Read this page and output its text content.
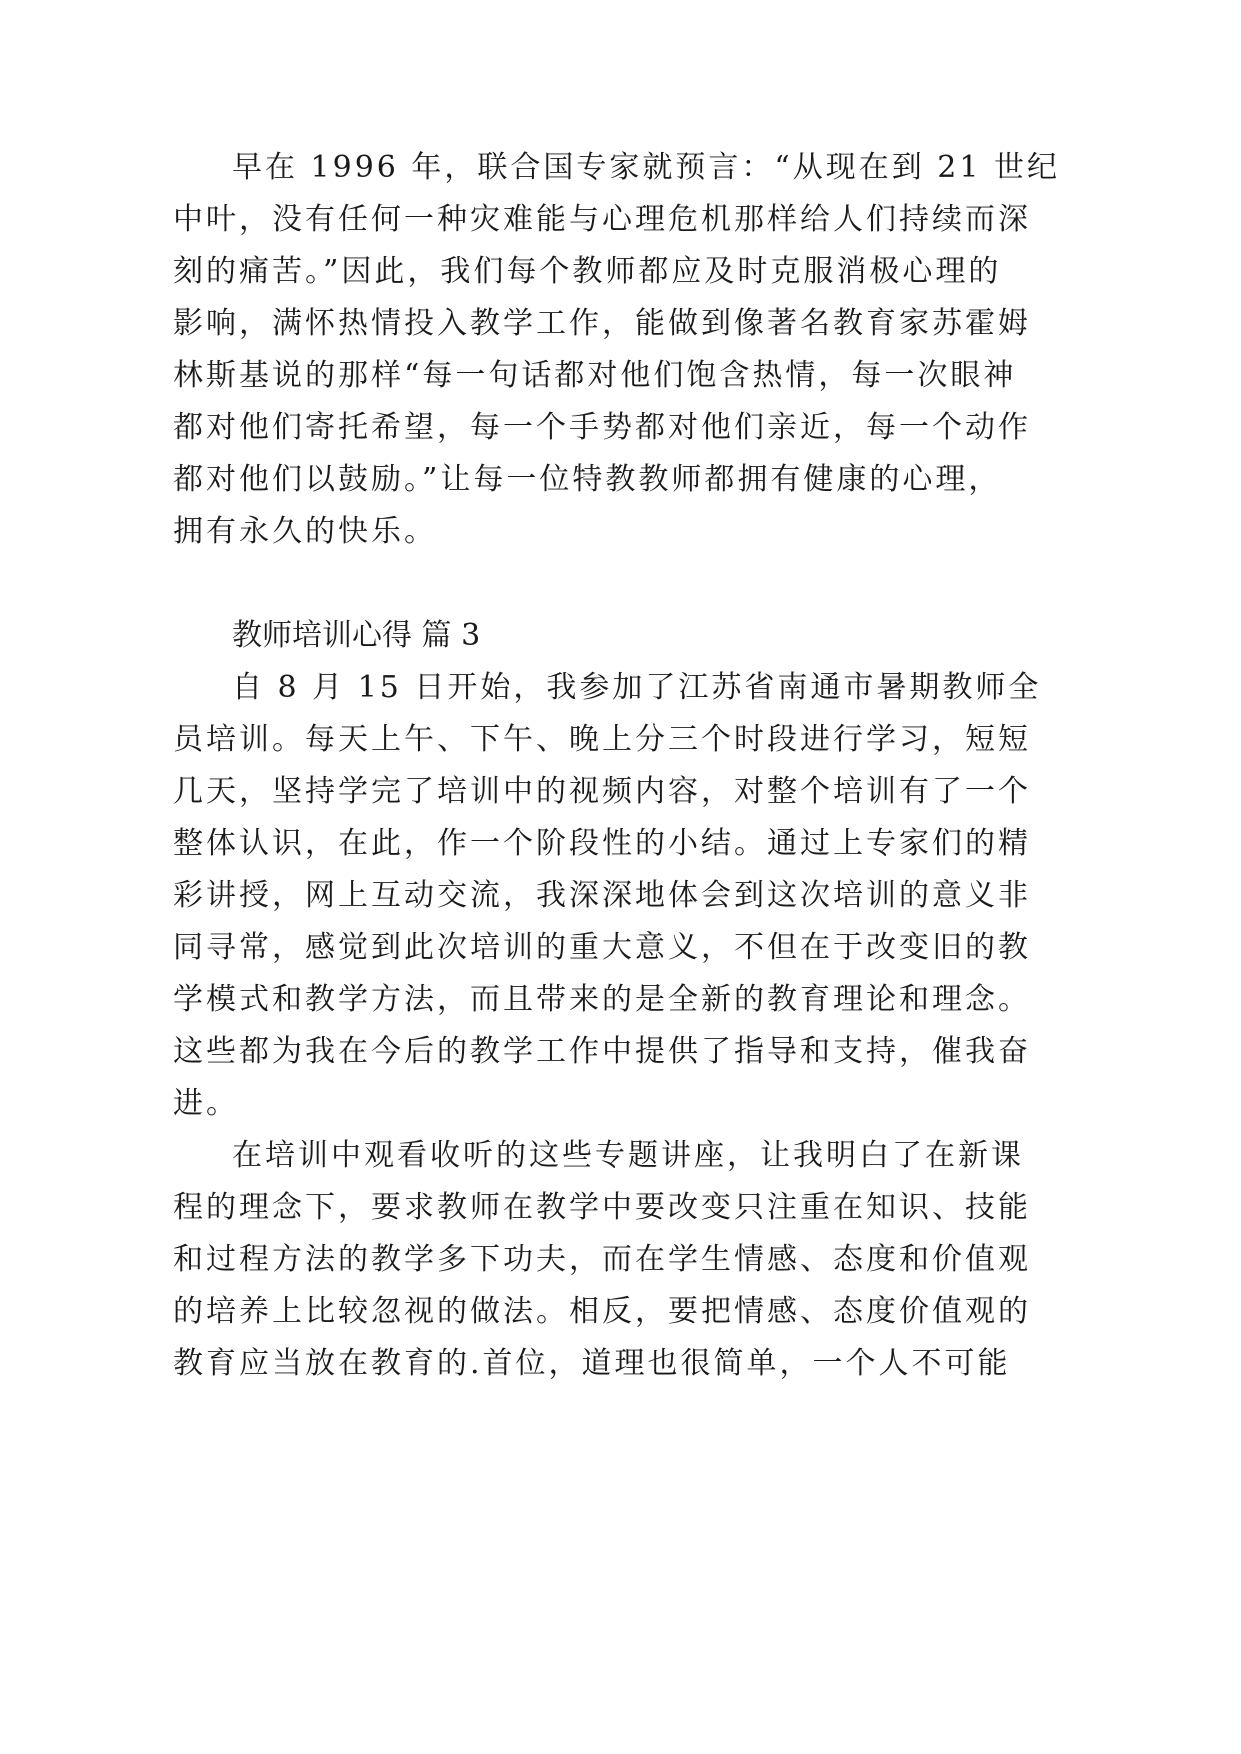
早在 1996 年，联合国专家就预言：“从现在到 21 世纪
中叶，没有任何一种灾难能与心理危机那样给人们持续而深
刻的痛苦。”因此，我们每个教师都应及时克服消极心理的
影响，满怀热情投入教学工作，能做到像著名教育家苏霍姆
林斯基说的那样“每一句话都对他们饱含热情，每一次眼神
都对他们寄托希望，每一个手势都对他们亲近，每一个动作
都对他们以鼓励。”让每一位特教教师都拥有健康的心理，
拥有永久的快乐。
教师培训心得 篇 3
自 8 月 15 日开始，我参加了江苏省南通市暑期教师全
员培训。每天上午、下午、晚上分三个时段进行学习，短短
几天，坚持学完了培训中的视频内容，对整个培训有了一个
整体认识，在此，作一个阶段性的小结。通过上专家们的精
彩讲授，网上互动交流，我深深地体会到这次培训的意义非
同寻常，感觉到此次培训的重大意义，不但在于改变旧的教
学模式和教学方法，而且带来的是全新的教育理论和理念。
这些都为我在今后的教学工作中提供了指导和支持，催我奋
进。
在培训中观看收听的这些专题讲座，让我明白了在新课
程的理念下，要求教师在教学中要改变只注重在知识、技能
和过程方法的教学多下功夫，而在学生情感、态度和价值观
的培养上比较忽视的做法。相反，要把情感、态度价值观的
教育应当放在教育的.首位，道理也很简单，一个人不可能
